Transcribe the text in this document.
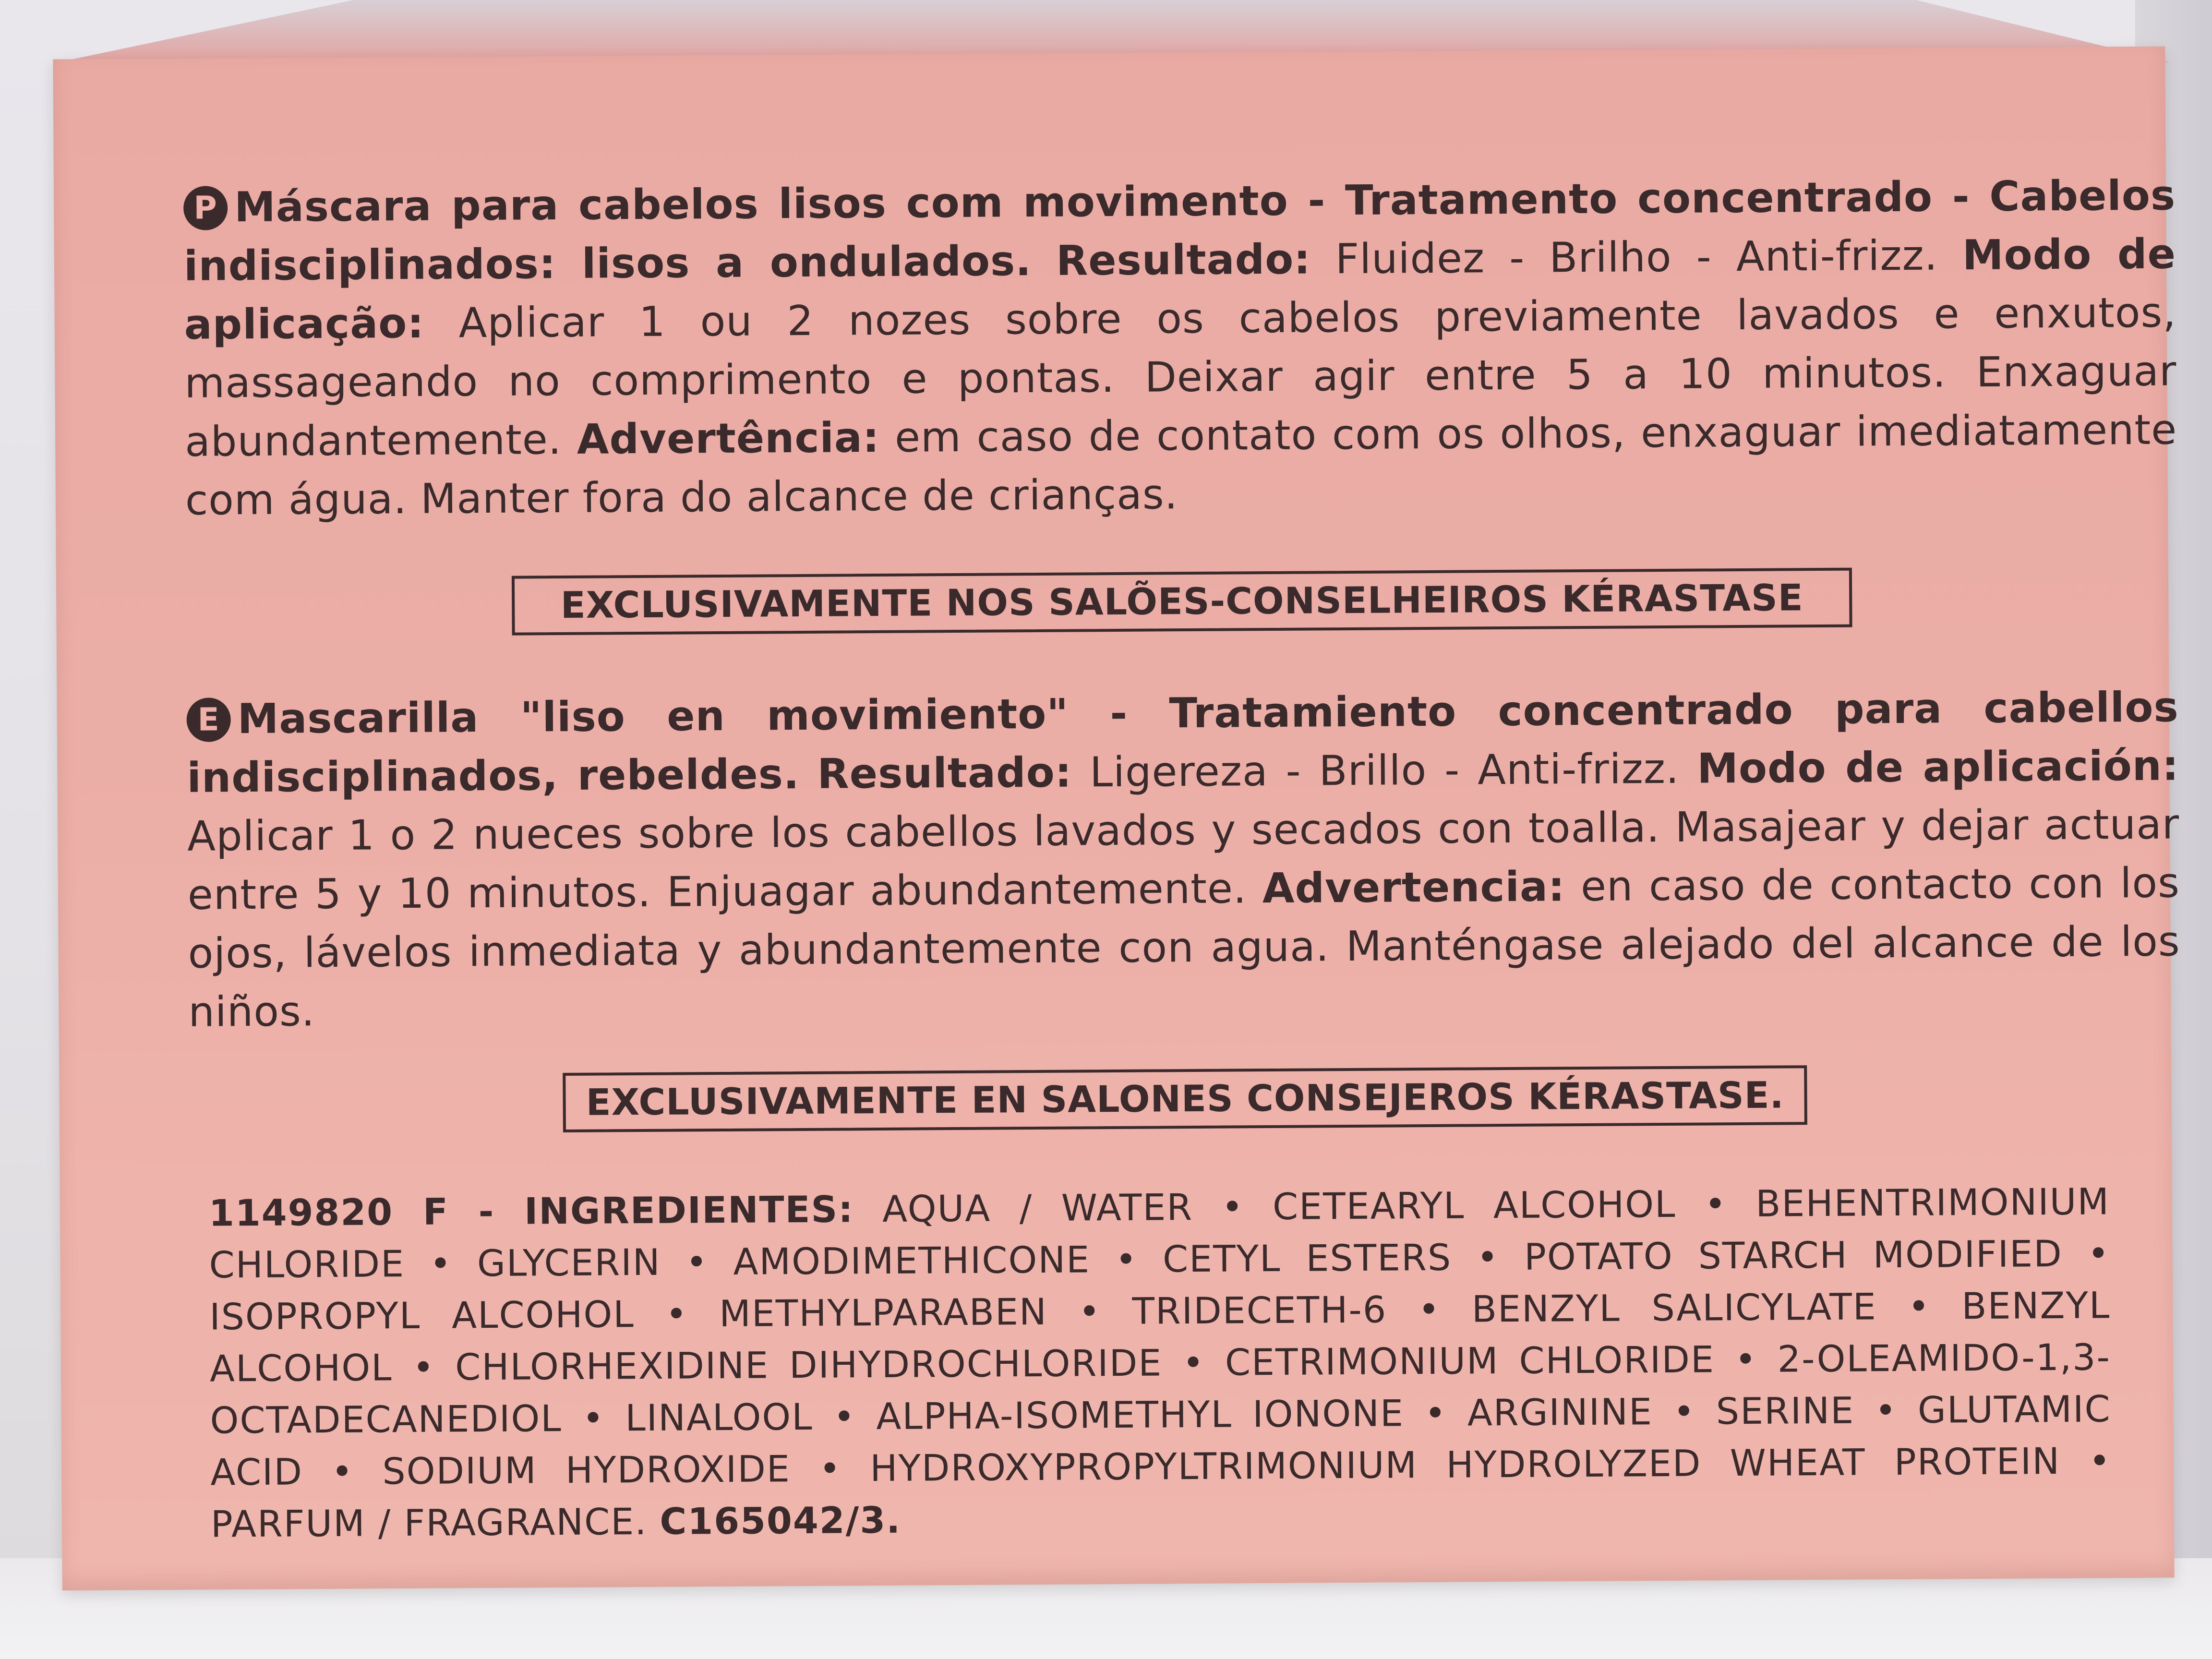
P Máscara para cabelos lisos com movimento - Tratamento concentrado - Cabelos indisciplinados: lisos a ondulados. Resultado: Fluidez - Brilho - Anti-frizz. Modo de aplicação: Aplicar 1 ou 2 nozes sobre os cabelos previamente lavados e enxutos, massageando no comprimento e pontas. Deixar agir entre 5 a 10 minutos. Enxaguar abundantemente. Advertência: em caso de contato com os olhos, enxaguar imediatamente com água. Manter fora do alcance de crianças.

EXCLUSIVAMENTE NOS SALÕES-CONSELHEIROS KÉRASTASE

E Mascarilla "liso en movimiento" - Tratamiento concentrado para cabellos indisciplinados, rebeldes. Resultado: Ligereza - Brillo - Anti-frizz. Modo de aplicación: Aplicar 1 o 2 nueces sobre los cabellos lavados y secados con toalla. Masajear y dejar actuar entre 5 y 10 minutos. Enjuagar abundantemente. Advertencia: en caso de contacto con los ojos, lávelos inmediata y abundantemente con agua. Manténgase alejado del alcance de los niños.

EXCLUSIVAMENTE EN SALONES CONSEJEROS KÉRASTASE.

1149820 F - INGREDIENTES: AQUA / WATER • CETEARYL ALCOHOL • BEHENTRIMONIUM CHLORIDE • GLYCERIN • AMODIMETHICONE • CETYL ESTERS • POTATO STARCH MODIFIED • ISOPROPYL ALCOHOL • METHYLPARABEN • TRIDECETH-6 • BENZYL SALICYLATE • BENZYL ALCOHOL • CHLORHEXIDINE DIHYDROCHLORIDE • CETRIMONIUM CHLORIDE • 2-OLEAMIDO-1,3-OCTADECANEDIOL • LINALOOL • ALPHA-ISOMETHYL IONONE • ARGININE • SERINE • GLUTAMIC ACID • SODIUM HYDROXIDE • HYDROXYPROPYLTRIMONIUM HYDROLYZED WHEAT PROTEIN • PARFUM / FRAGRANCE. C165042/3.
